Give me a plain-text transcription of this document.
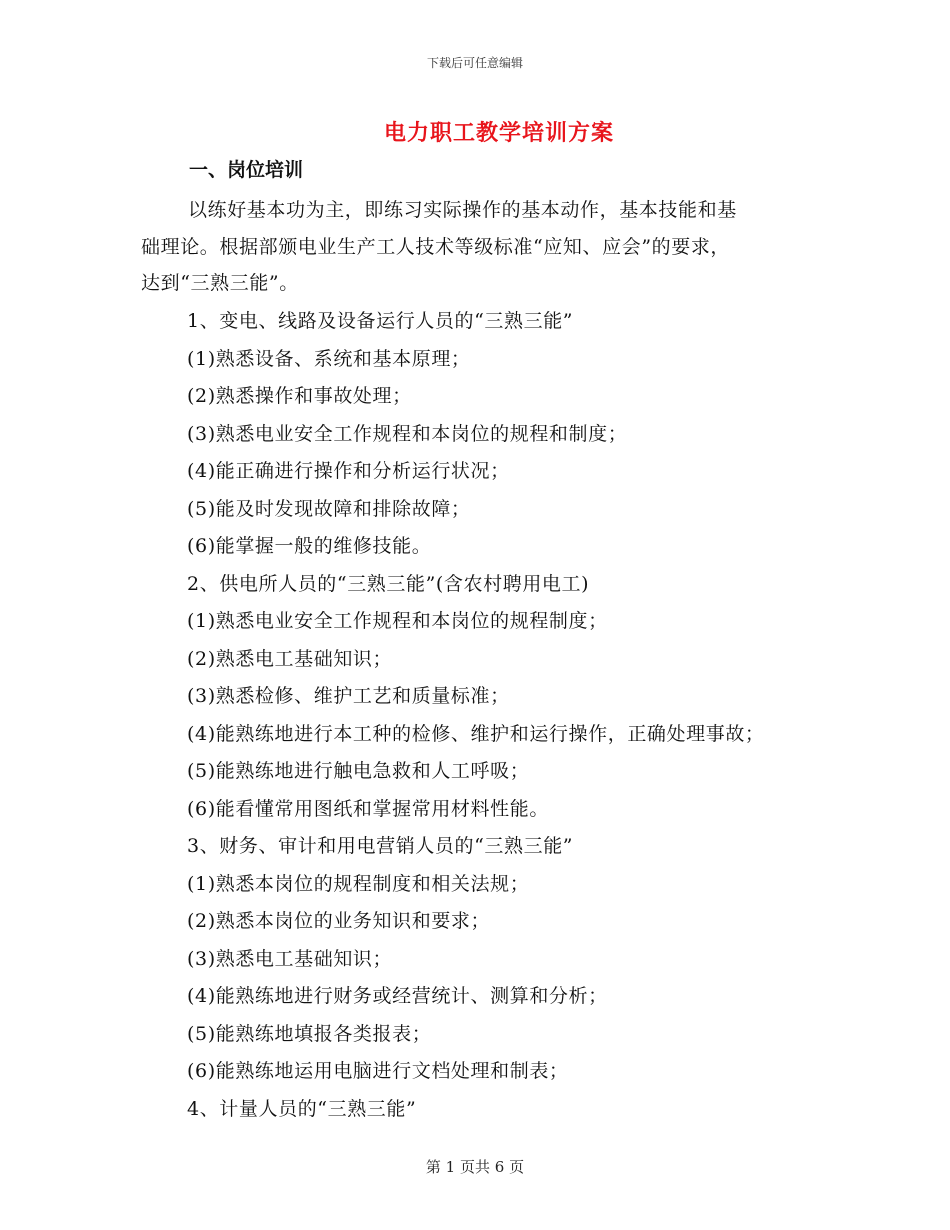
下载后可任意编辑
电力职工教学培训方案
一、岗位培训
以练好基本功为主，即练习实际操作的基本动作，基本技能和基
础理论。根据部颁电业生产工人技术等级标准“应知、应会”的要求，
达到“三熟三能”。
1、变电、线路及设备运行人员的“三熟三能”
(1)熟悉设备、系统和基本原理；
(2)熟悉操作和事故处理；
(3)熟悉电业安全工作规程和本岗位的规程和制度；
(4)能正确进行操作和分析运行状况；
(5)能及时发现故障和排除故障；
(6)能掌握一般的维修技能。
2、供电所人员的“三熟三能”(含农村聘用电工)
(1)熟悉电业安全工作规程和本岗位的规程制度；
(2)熟悉电工基础知识；
(3)熟悉检修、维护工艺和质量标准；
(4)能熟练地进行本工种的检修、维护和运行操作，正确处理事故；
(5)能熟练地进行触电急救和人工呼吸；
(6)能看懂常用图纸和掌握常用材料性能。
3、财务、审计和用电营销人员的“三熟三能”
(1)熟悉本岗位的规程制度和相关法规；
(2)熟悉本岗位的业务知识和要求；
(3)熟悉电工基础知识；
(4)能熟练地进行财务或经营统计、测算和分析；
(5)能熟练地填报各类报表；
(6)能熟练地运用电脑进行文档处理和制表；
4、计量人员的“三熟三能”
第 1 页共 6 页
